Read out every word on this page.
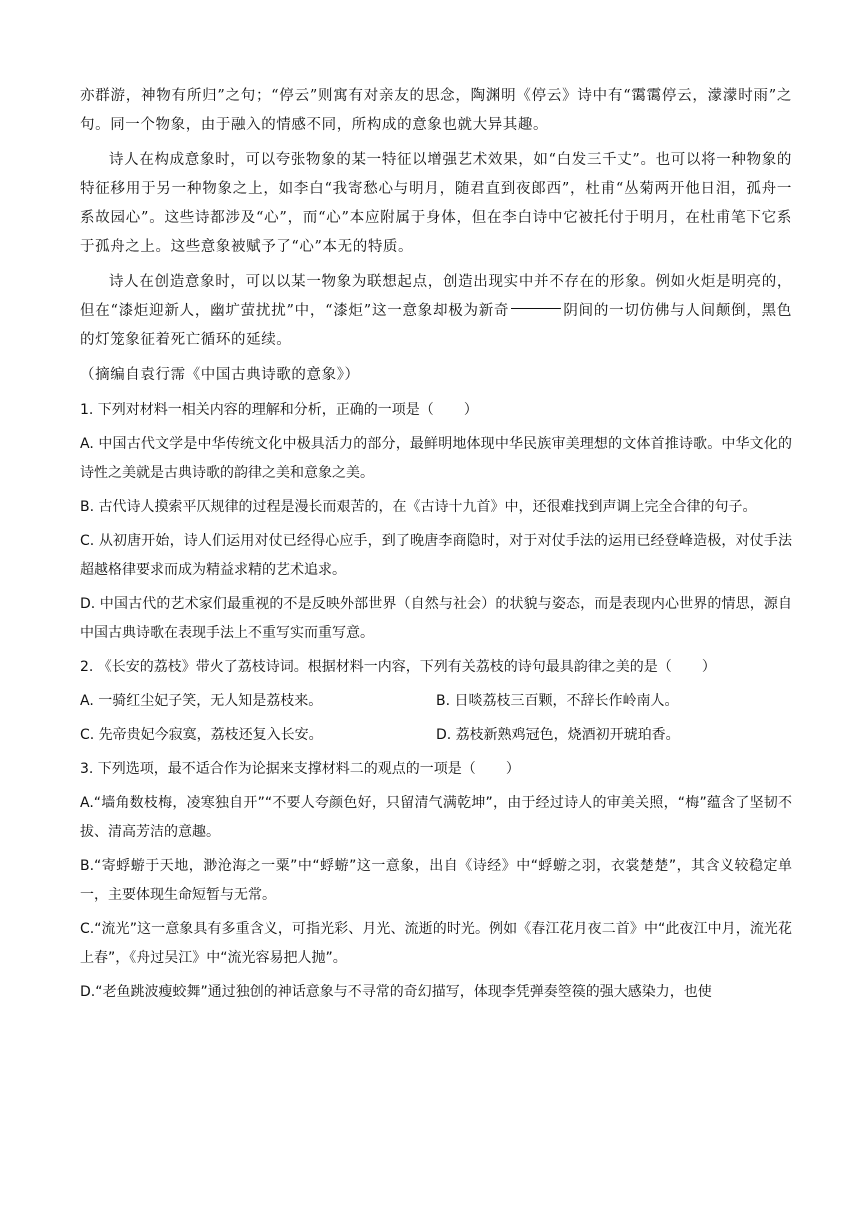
亦群游，神物有所归”之句；“停云”则寓有对亲友的思念，陶渊明《停云》诗中有“霭霭停云，濛濛时雨”之句。同一个物象，由于融入的情感不同，所构成的意象也就大异其趣。

诗人在构成意象时，可以夸张物象的某一特征以增强艺术效果，如“白发三千丈”。也可以将一种物象的特征移用于另一种物象之上，如李白“我寄愁心与明月，随君直到夜郎西”，杜甫“丛菊两开他日泪，孤舟一系故园心”。这些诗都涉及“心”，而“心”本应附属于身体，但在李白诗中它被托付于明月，在杜甫笔下它系于孤舟之上。这些意象被赋予了“心”本无的特质。

诗人在创造意象时，可以以某一物象为联想起点，创造出现实中并不存在的形象。例如火炬是明亮的，但在“漆炬迎新人，幽圹萤扰扰”中，“漆炬”这一意象却极为新奇	阴间的一切仿佛与人间颠倒，黑色的灯笼象征着死亡循环的延续。

（摘编自袁行霈《中国古典诗歌的意象》）

1. 下列对材料一相关内容的理解和分析，正确的一项是（ ）
A. 中国古代文学是中华传统文化中极具活力的部分，最鲜明地体现中华民族审美理想的文体首推诗歌。中华文化的诗性之美就是古典诗歌的韵律之美和意象之美。
B. 古代诗人摸索平仄规律的过程是漫长而艰苦的，在《古诗十九首》中，还很难找到声调上完全合律的句子。
C. 从初唐开始，诗人们运用对仗已经得心应手，到了晚唐李商隐时，对于对仗手法的运用已经登峰造极，对仗手法超越格律要求而成为精益求精的艺术追求。
D. 中国古代的艺术家们最重视的不是反映外部世界（自然与社会）的状貌与姿态，而是表现内心世界的情思，源自中国古典诗歌在表现手法上不重写实而重写意。
2. 《长安的荔枝》带火了荔枝诗词。根据材料一内容，下列有关荔枝的诗句最具韵律之美的是（ ）
A. 一骑红尘妃子笑，无人知是荔枝来。	B. 日啖荔枝三百颗，不辞长作岭南人。
C. 先帝贵妃今寂寞，荔枝还复入长安。	D. 荔枝新熟鸡冠色，烧酒初开琥珀香。
3. 下列选项，最不适合作为论据来支撑材料二的观点的一项是（ ）
A.“墙角数枝梅，凌寒独自开”“不要人夸颜色好，只留清气满乾坤”，由于经过诗人的审美关照，“梅”蕴含了坚韧不拔、清高芳洁的意趣。
B.“寄蜉蝣于天地，渺沧海之一粟”中“蜉蝣”这一意象，出自《诗经》中“蜉蝣之羽，衣裳楚楚”，其含义较稳定单一，主要体现生命短暂与无常。
C.“流光”这一意象具有多重含义，可指光彩、月光、流逝的时光。例如《春江花月夜二首》中“此夜江中月，流光花上春”，《舟过吴江》中“流光容易把人抛”。
D.“老鱼跳波瘦蛟舞”通过独创的神话意象与不寻常的奇幻描写，体现李凭弹奏箜篌的强大感染力，也使
